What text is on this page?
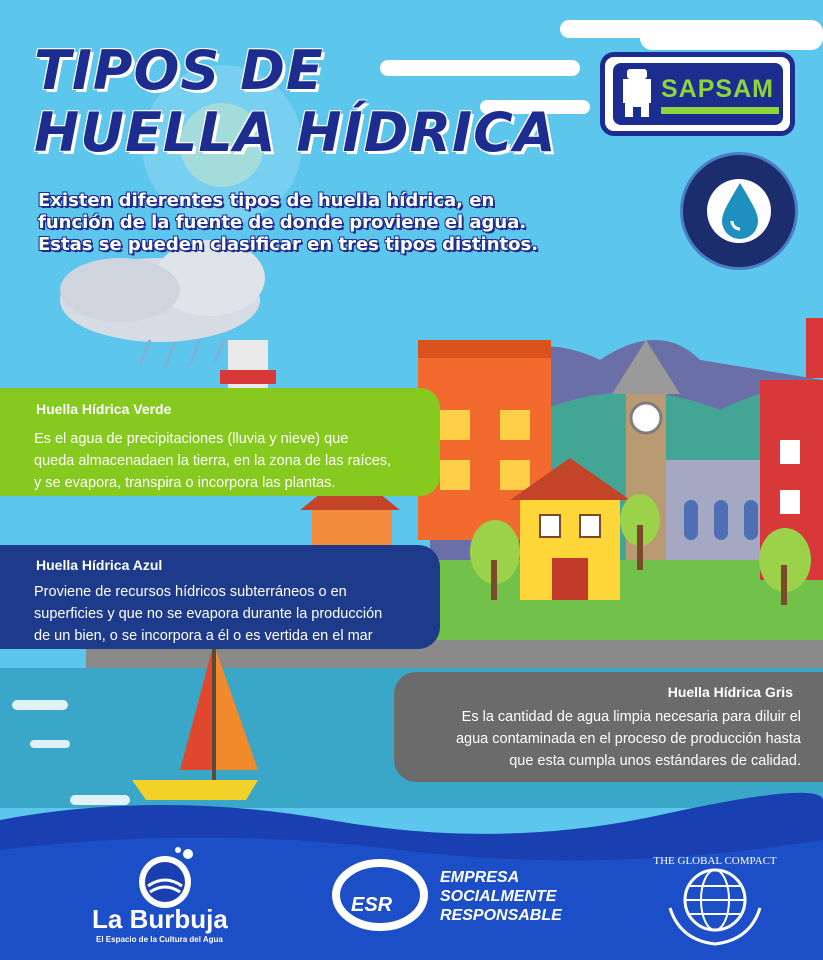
TIPOS DE
HUELLA HÍDRICA
Existen diferentes tipos de huella hídrica, en
función de la fuente de donde proviene el agua.
Estas se pueden clasificar en tres tipos distintos.
SAPSAM
Huella Hídrica Verde
Es el agua de precipitaciones (lluvia y nieve) que
queda almacenadaen la tierra, en la zona de las raíces,
y se evapora, transpira o incorpora las plantas.
Huella Hídrica Azul
Proviene de recursos hídricos subterráneos o en
superficies y que no se evapora durante la producción
de un bien, o se incorpora a él o es vertida en el mar
Huella Hídrica Gris
Es la cantidad de agua limpia necesaria para diluir el
agua contaminada en el proceso de producción hasta
que esta cumpla unos estándares de calidad.
La Burbuja
El Espacio de la Cultura del Agua
ESR
EMPRESA
SOCIALMENTE
RESPONSABLE
THE GLOBAL COMPACT
